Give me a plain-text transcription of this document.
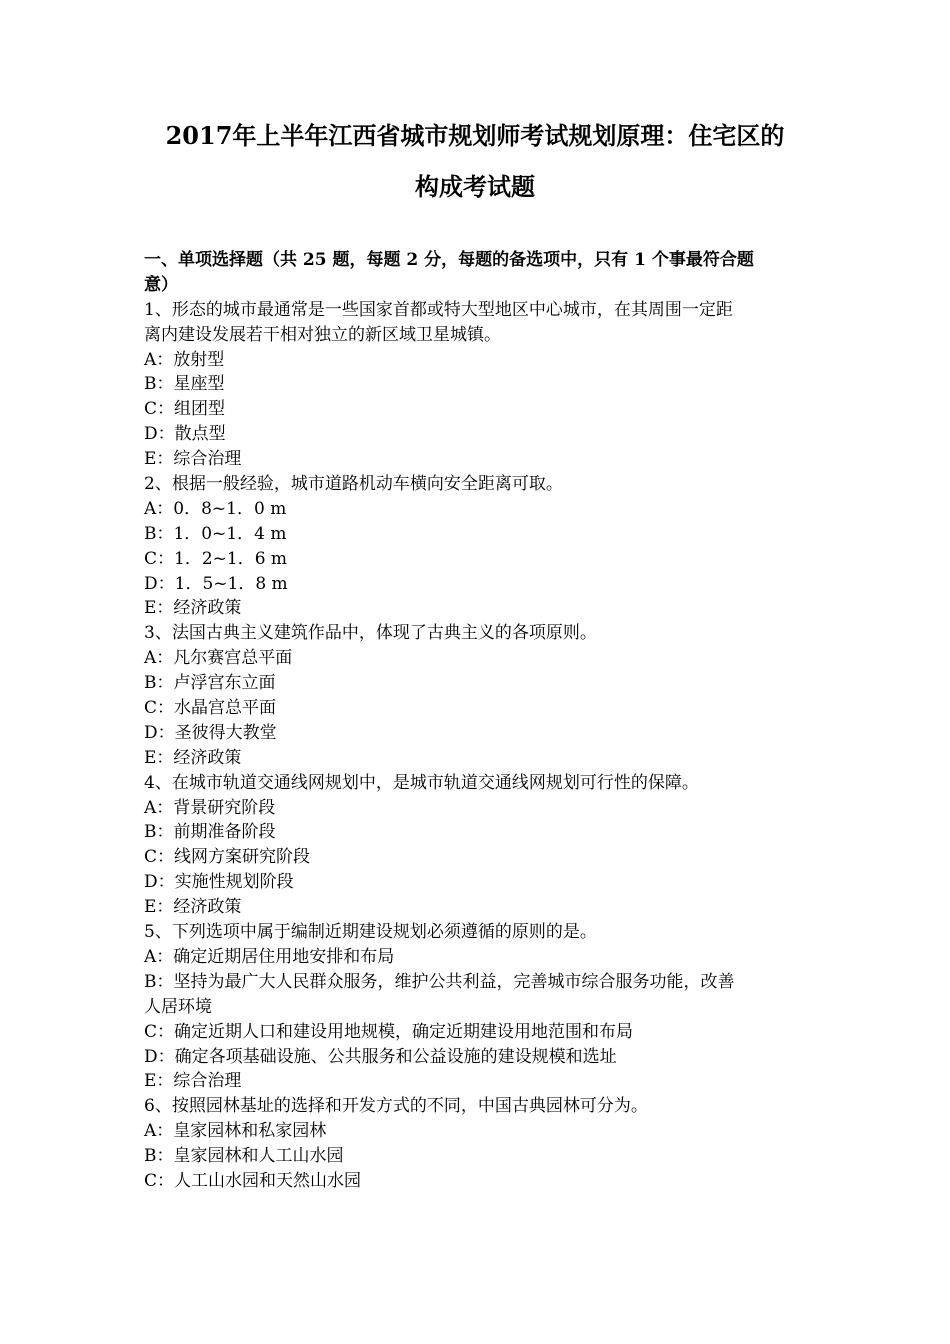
2017年上半年江西省城市规划师考试规划原理：住宅区的
构成考试题
一、单项选择题（共 25 题，每题 2 分，每题的备选项中，只有 1 个事最符合题
意）
1、形态的城市最通常是一些国家首都或特大型地区中心城市，在其周围一定距
离内建设发展若干相对独立的新区域卫星城镇。
A：放射型
B：星座型
C：组团型
D：散点型
E：综合治理
2、根据一般经验，城市道路机动车横向安全距离可取。
A：0．8~1．0 m
B：1．0~1．4 m
C：1．2~1．6 m
D：1．5~1．8 m
E：经济政策
3、法国古典主义建筑作品中，体现了古典主义的各项原则。
A：凡尔赛宫总平面
B：卢浮宫东立面
C：水晶宫总平面
D：圣彼得大教堂
E：经济政策
4、在城市轨道交通线网规划中，是城市轨道交通线网规划可行性的保障。
A：背景研究阶段
B：前期准备阶段
C：线网方案研究阶段
D：实施性规划阶段
E：经济政策
5、下列选项中属于编制近期建设规划必须遵循的原则的是。
A：确定近期居住用地安排和布局
B：坚持为最广大人民群众服务，维护公共利益，完善城市综合服务功能，改善
人居环境
C：确定近期人口和建设用地规模，确定近期建设用地范围和布局
D：确定各项基础设施、公共服务和公益设施的建设规模和选址
E：综合治理
6、按照园林基址的选择和开发方式的不同，中国古典园林可分为。
A：皇家园林和私家园林
B：皇家园林和人工山水园
C：人工山水园和天然山水园
